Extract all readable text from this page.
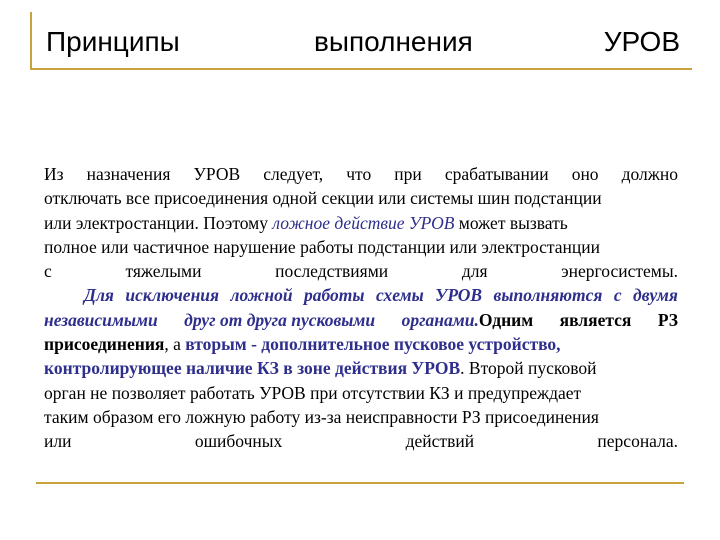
Принципы	выполнения	УРОВ
Из назначения УРОВ следует, что при срабатывании оно должно
отключать все присоединения одной секции или системы шин подстанции
или электростанции. Поэтому ложное действие УРОВ может вызвать
полное или частичное нарушение работы подстанции или электростанции
с	тяжелыми	последствиями	для	энергосистемы.
Для исключения ложной работы схемы УРОВ выполняются с двумя
независимыми друг от друга пусковыми органами.Одним является РЗ
присоединения , а вторым - дополнительное пусковое устройство,
контролирующее наличие КЗ в зоне действия УРОВ . Второй пусковой
орган не позволяет работать УРОВ при отсутствии КЗ и предупреждает
таким образом его ложную работу из-за неисправности РЗ присоединения
или	ошибочных	действий	персонала.
